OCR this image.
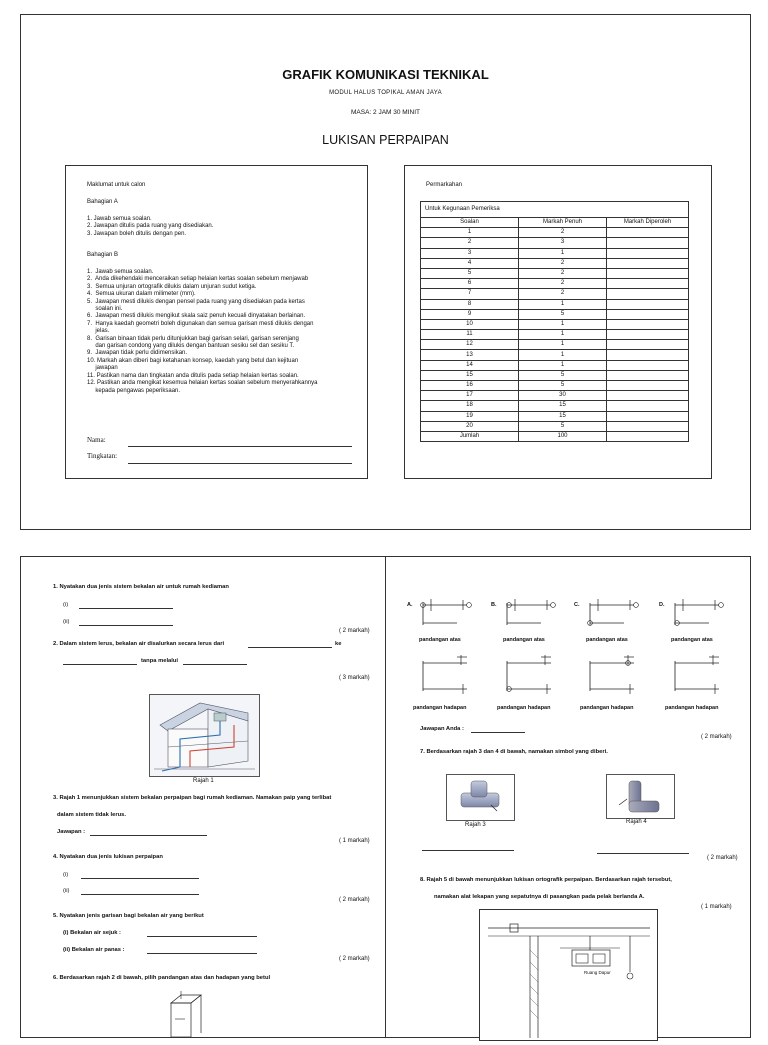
GRAFIK KOMUNIKASI TEKNIKAL
MODUL HALUS TOPIKAL AMAN JAYA
MASA: 2 JAM 30 MINIT
LUKISAN PERPAIPAN
Maklumat untuk calon
Bahagian A
1. Jawab semua soalan.
2. Jawapan ditulis pada ruang yang disediakan.
3. Jawapan boleh ditulis dengan pen.
Bahagian B
1.  Jawab semua soalan.
2.  Anda dikehendaki menceraikan setiap helaian kertas soalan sebelum menjawab
3.  Semua unjuran ortografik dilukis dalam unjuran sudut ketiga.
4.  Semua ukuran dalam milimeter (mm).
5.  Jawapan mesti dilukis dengan pensel pada ruang yang disediakan pada kertas
soalan ini.
6.  Jawapan mesti dilukis mengikut skala saiz penuh kecuali dinyatakan berlainan.
7.  Hanya kaedah geometri boleh digunakan dan semua garisan mesti dilukis dengan
jelas.
8.  Garisan binaan tidak perlu ditunjukkan bagi garisan selari, garisan serenjang
dan garisan condong yang dilukis dengan bantuan sesiku sel dan sesiku T.
9.  Jawapan tidak perlu didimensikan.
10. Markah akan diberi bagi ketahanan konsep, kaedah yang betul dan kejituan
jawapan
11. Pastikan nama dan tingkatan anda ditulis pada setiap helaian kertas soalan.
12. Pastikan anda mengikat kesemua helaian kertas soalan sebelum menyerahkannya
kepada pengawas peperiksaan.
Nama:
Tingkatan:
Permarkahan
Untuk Kegunaan Pemeriksa
Soalan	Markah Penuh	Markah Diperoleh
1	2	
2	3	
3	1	
4	2	
5	2	
6	2	
7	2	
8	1	
9	5	
10	1	
11	1	
12	1	
13	1	
14	1	
15	5	
16	5	
17	30	
18	15	
19	15	
20	5	
Jumlah	100	
1. Nyatakan dua jenis sistem bekalan air untuk rumah kediaman
(i)
(ii)
( 2 markah)
2. Dalam sistem lerus, bekalan air disalurkan secara lerus dari	ke
tanpa melalui
( 3 markah)
Rajah 1
3. Rajah 1 menunjukkan sistem bekalan perpaipan bagi rumah kediaman. Namakan paip yang terlibat
dalam sistem tidak lerus.
Jawapan :
( 1 markah)
4. Nyatakan dua jenis lukisan perpaipan
(i)
(ii)
( 2 markah)
5. Nyatakan jenis garisan bagi bekalan air yang berikut
(i) Bekalan air sejuk :
(ii) Bekalan air panas :
( 2 markah)
6. Berdasarkan rajah 2 di bawah, pilih pandangan atas dan hadapan yang betul
A.
pandangan atas
pandangan hadapan
B.
pandangan atas
pandangan hadapan
C.
pandangan atas
pandangan hadapan
D.
pandangan atas
pandangan hadapan
Jawapan Anda :
( 2 markah)
7. Berdasarkan rajah 3 dan 4 di bawah, namakan simbol yang diberi.
Rajah 3	Rajah 4
( 2 markah)
8. Rajah 5 di bawah menunjukkan lukisan ortografik perpaipan. Berdasarkan rajah tersebut,
namakan alat lekapan yang sepatutnya di pasangkan pada pelak berlanda A.
( 1 markah)
Ruang Dapur
